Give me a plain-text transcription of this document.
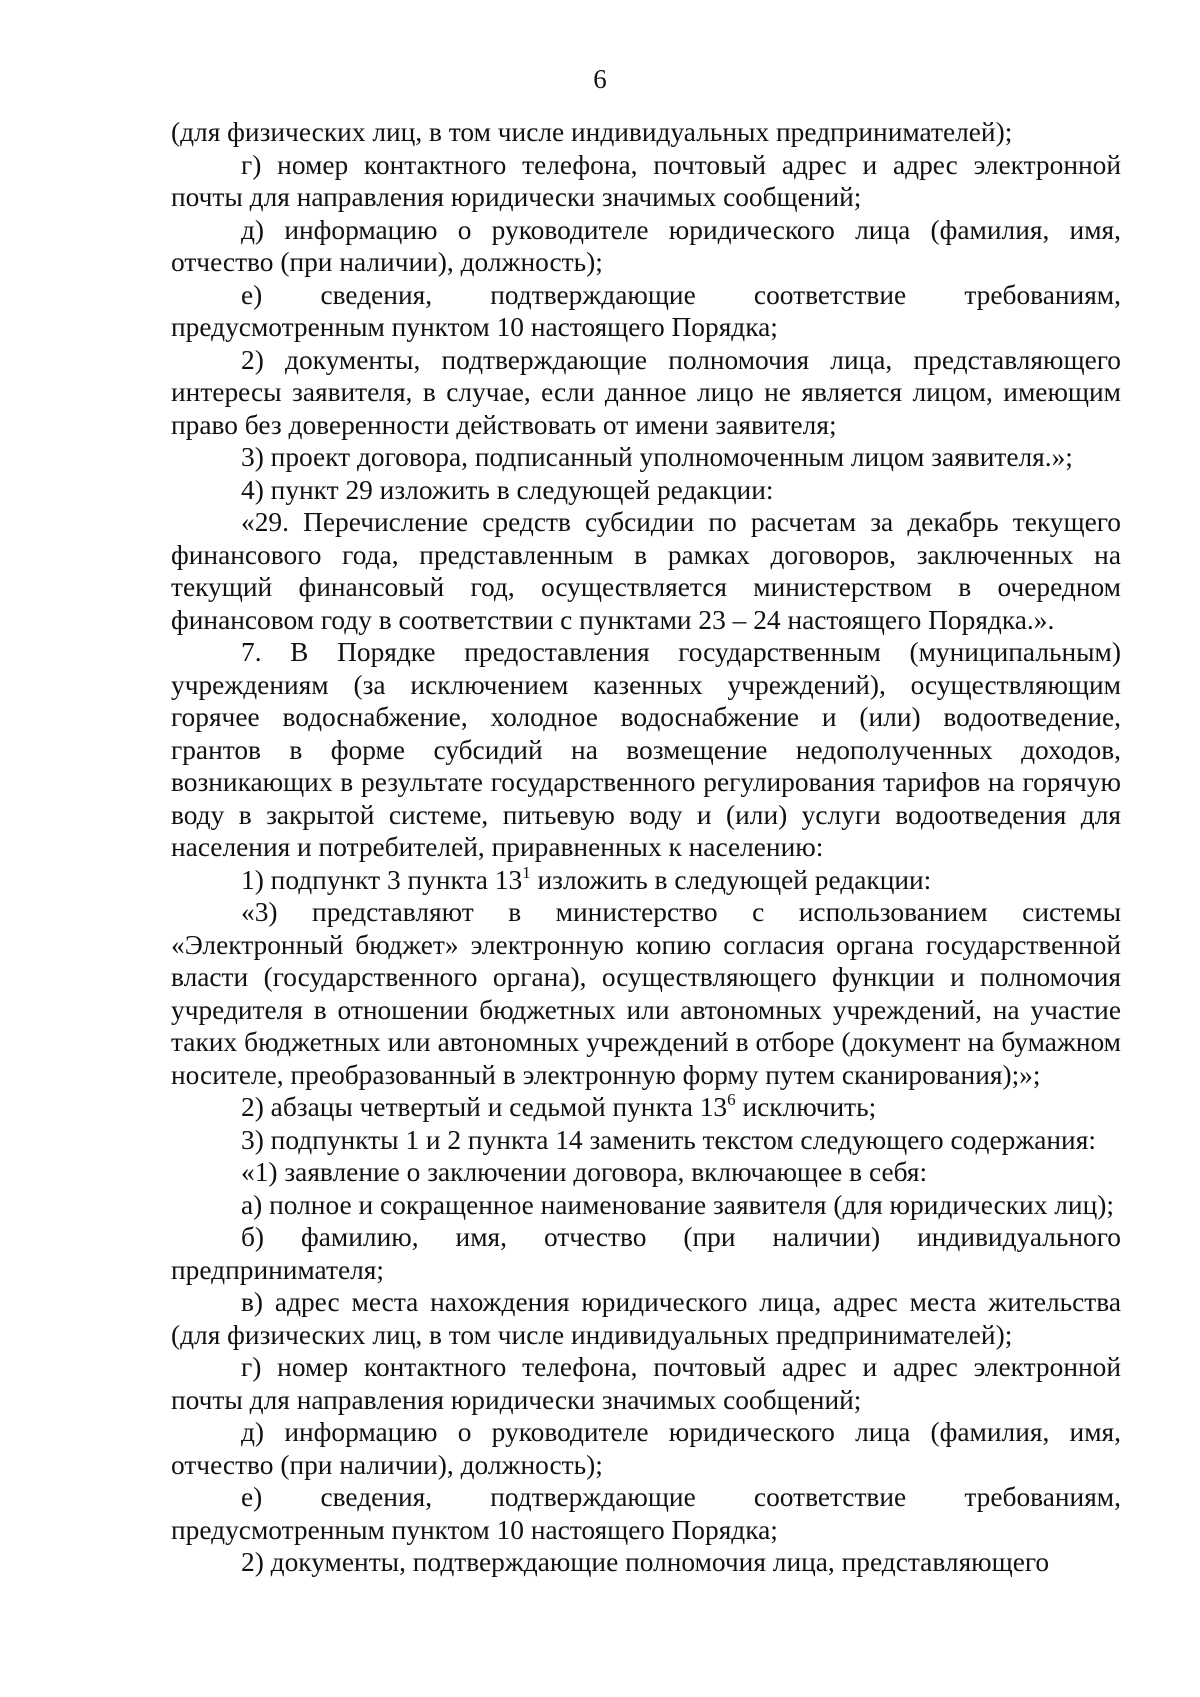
6

(для физических лиц, в том числе индивидуальных предпринимателей);

г) номер контактного телефона, почтовый адрес и адрес электронной почты для направления юридически значимых сообщений;

д) информацию о руководителе юридического лица (фамилия, имя, отчество (при наличии), должность);

е) сведения, подтверждающие соответствие требованиям, предусмотренным пунктом 10 настоящего Порядка;

2) документы, подтверждающие полномочия лица, представляющего интересы заявителя, в случае, если данное лицо не является лицом, имеющим право без доверенности действовать от имени заявителя;

3) проект договора, подписанный уполномоченным лицом заявителя.»;

4) пункт 29 изложить в следующей редакции:

«29. Перечисление средств субсидии по расчетам за декабрь текущего финансового года, представленным в рамках договоров, заключенных на текущий финансовый год, осуществляется министерством в очередном финансовом году в соответствии с пунктами 23 – 24 настоящего Порядка.».

7. В Порядке предоставления государственным (муниципальным) учреждениям (за исключением казенных учреждений), осуществляющим горячее водоснабжение, холодное водоснабжение и (или) водоотведение, грантов в форме субсидий на возмещение недополученных доходов, возникающих в результате государственного регулирования тарифов на горячую воду в закрытой системе, питьевую воду и (или) услуги водоотведения для населения и потребителей, приравненных к населению:

1) подпункт 3 пункта $13^1$ изложить в следующей редакции:

«3) представляют в министерство с использованием системы «Электронный бюджет» электронную копию согласия органа государственной власти (государственного органа), осуществляющего функции и полномочия учредителя в отношении бюджетных или автономных учреждений, на участие таких бюджетных или автономных учреждений в отборе (документ на бумажном носителе, преобразованный в электронную форму путем сканирования);»;

2) абзацы четвертый и седьмой пункта $13^6$ исключить;

3) подпункты 1 и 2 пункта 14 заменить текстом следующего содержания:

«1) заявление о заключении договора, включающее в себя:

а) полное и сокращенное наименование заявителя (для юридических лиц);

б) фамилию, имя, отчество (при наличии) индивидуального предпринимателя;

в) адрес места нахождения юридического лица, адрес места жительства (для физических лиц, в том числе индивидуальных предпринимателей);

г) номер контактного телефона, почтовый адрес и адрес электронной почты для направления юридически значимых сообщений;

д) информацию о руководителе юридического лица (фамилия, имя, отчество (при наличии), должность);

е) сведения, подтверждающие соответствие требованиям, предусмотренным пунктом 10 настоящего Порядка;

2) документы, подтверждающие полномочия лица, представляющего
